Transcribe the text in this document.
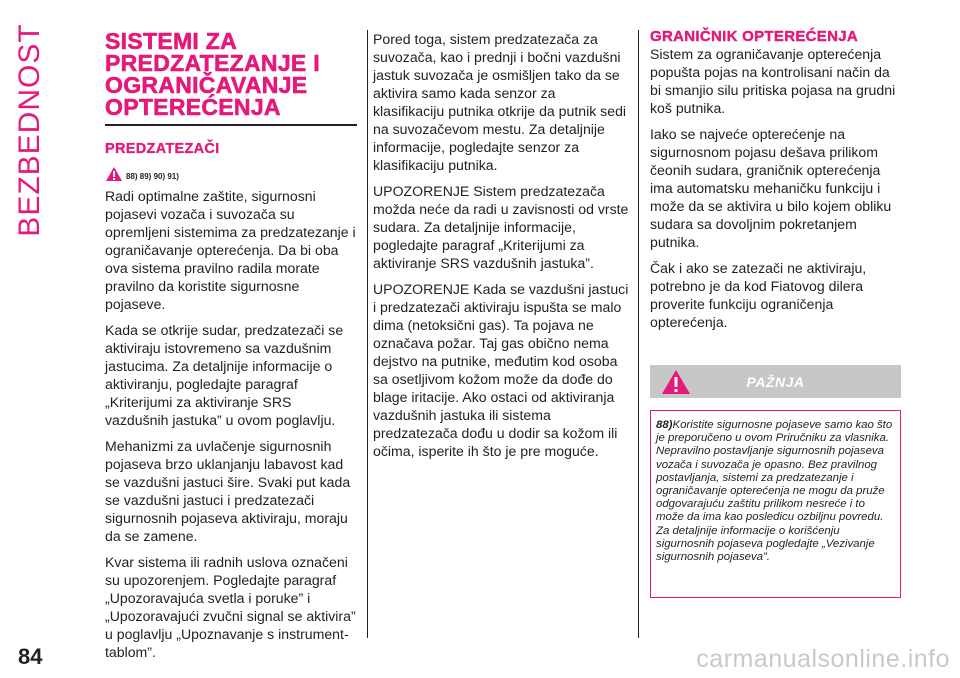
BEZBEDNOST	SISTEMI ZA PREDZATEZANJE I OGRANIČAVANJE OPTEREĆENJA
PREDZATEZAČI
88) 89) 90) 91)

Radi optimalne zaštite, sigurnosni pojasevi vozača i suvozača su opremljeni sistemima za predzatezanje i ograničavanje opterećenja. Da bi oba ova sistema pravilno radila morate pravilno da koristite sigurnosne pojaseve.

Kada se otkrije sudar, predzatezači se aktiviraju istovremeno sa vazdušnim jastucima. Za detaljnije informacije o aktiviranju, pogledajte paragraf „Kriterijumi za aktiviranje SRS vazdušnih jastuka” u ovom poglavlju.

Mehanizmi za uvlačenje sigurnosnih pojaseva brzo uklanjanju labavost kad se vazdušni jastuci šire. Svaki put kada se vazdušni jastuci i predzatezači sigurnosnih pojaseva aktiviraju, moraju da se zamene.

Kvar sistema ili radnih uslova označeni su upozorenjem. Pogledajte paragraf „Upozoravajuća svetla i poruke” i „Upozoravajući zvučni signal se aktivira” u poglavlju „Upoznavanje s instrument-tablom”.

Pored toga, sistem predzatezača za suvozača, kao i prednji i bočni vazdušni jastuk suvozača je osmišljen tako da se aktivira samo kada senzor za klasifikaciju putnika otkrije da putnik sedi na suvozačevom mestu. Za detaljnije informacije, pogledajte senzor za klasifikaciju putnika.

UPOZORENJE Sistem predzatezača možda neće da radi u zavisnosti od vrste sudara. Za detaljnije informacije, pogledajte paragraf „Kriterijumi za aktiviranje SRS vazdušnih jastuka”.

UPOZORENJE Kada se vazdušni jastuci i predzatezači aktiviraju ispušta se malo dima (netoksični gas). Ta pojava ne označava požar. Taj gas obično nema dejstvo na putnike, međutim kod osoba sa osetljivom kožom može da dođe do blage iritacije. Ako ostaci od aktiviranja vazdušnih jastuka ili sistema predzatezača dođu u dodir sa kožom ili očima, isperite ih što je pre moguće.

GRANIČNIK OPTEREĆENJA

Sistem za ograničavanje opterećenja popušta pojas na kontrolisani način da bi smanjio silu pritiska pojasa na grudni koš putnika.

Iako se najveće opterećenje na sigurnosnom pojasu dešava prilikom čeonih sudara, graničnik opterećenja ima automatsku mehaničku funkciju i može da se aktivira u bilo kojem obliku sudara sa dovoljnim pokretanjem putnika.

Čak i ako se zatezači ne aktiviraju, potrebno je da kod Fiatovog dilera proverite funkciju ograničenja opterećenja.

PAŽNJA
88)Koristite sigurnosne pojaseve samo kao što je preporučeno u ovom Priručniku za vlasnika. Nepravilno postavljanje sigurnosnih pojaseva vozača i suvozača je opasno. Bez pravilnog postavljanja, sistemi za predzatezanje i ograničavanje opterećenja ne mogu da pruže odgovarajuću zaštitu prilikom nesreće i to može da ima kao posledicu ozbiljnu povredu. Za detaljnije informacije o korišćenju sigurnosnih pojaseva pogledajte „Vezivanje sigurnosnih pojaseva”.
84	carmanualsonline.info
